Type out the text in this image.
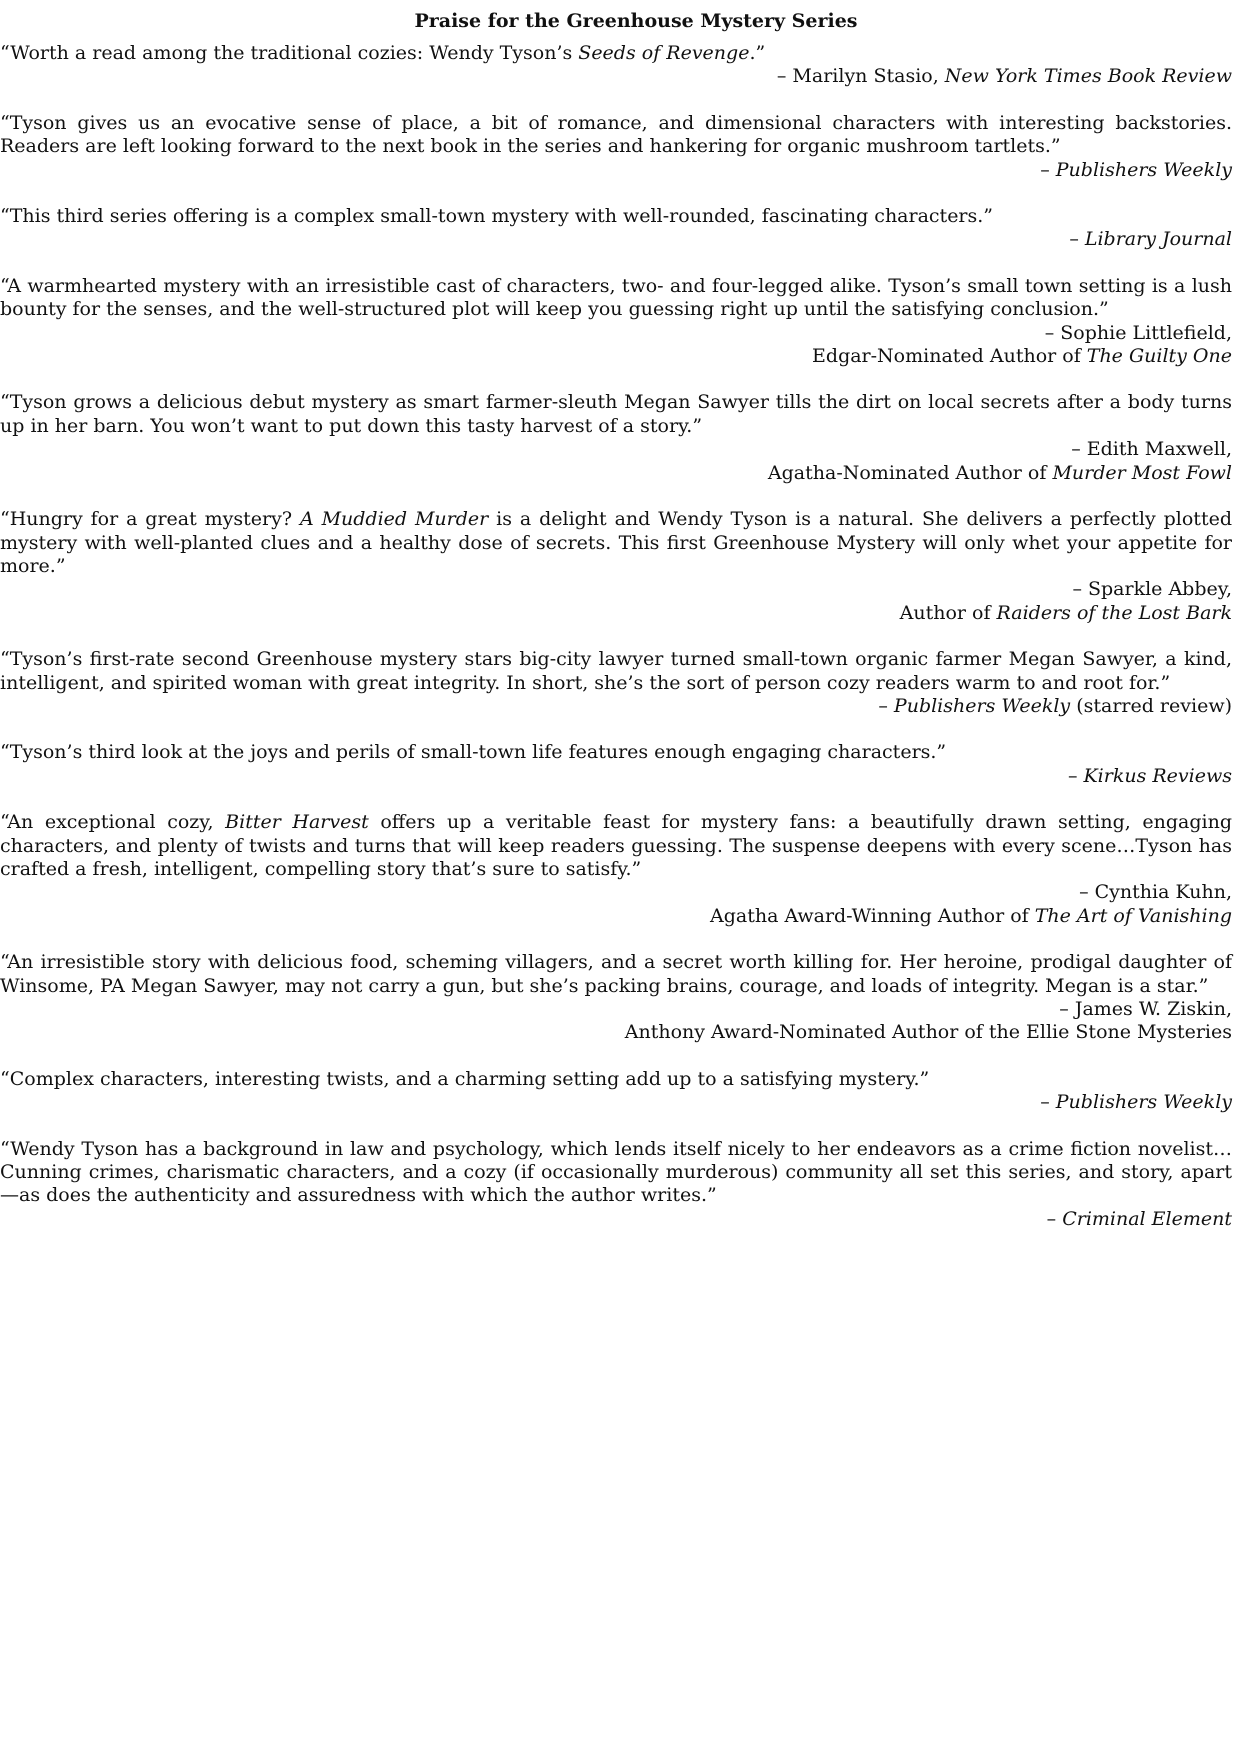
Praise for the Greenhouse Mystery Series

“Worth a read among the traditional cozies: Wendy Tyson’s Seeds of Revenge.”

– Marilyn Stasio, New York Times Book Review

“Tyson gives us an evocative sense of place, a bit of romance, and dimensional characters with interesting backstories. Readers are left looking forward to the next book in the series and hankering for organic mushroom tartlets.”

– Publishers Weekly

“This third series offering is a complex small-town mystery with well-rounded, fascinating characters.”

– Library Journal

“A warmhearted mystery with an irresistible cast of characters, two- and four-legged alike. Tyson’s small town setting is a lush bounty for the senses, and the well-structured plot will keep you guessing right up until the satisfying conclusion.”

– Sophie Littlefield,

Edgar-Nominated Author of The Guilty One

“Tyson grows a delicious debut mystery as smart farmer-sleuth Megan Sawyer tills the dirt on local secrets after a body turns up in her barn. You won’t want to put down this tasty harvest of a story.”

– Edith Maxwell,

Agatha-Nominated Author of Murder Most Fowl

“Hungry for a great mystery? A Muddied Murder is a delight and Wendy Tyson is a natural. She delivers a perfectly plotted mystery with well-planted clues and a healthy dose of secrets. This first Greenhouse Mystery will only whet your appetite for more.”

– Sparkle Abbey,

Author of Raiders of the Lost Bark

“Tyson’s first-rate second Greenhouse mystery stars big-city lawyer turned small-town organic farmer Megan Sawyer, a kind, intelligent, and spirited woman with great integrity. In short, she’s the sort of person cozy readers warm to and root for.”

– Publishers Weekly (starred review)

“Tyson’s third look at the joys and perils of small-town life features enough engaging characters.”

– Kirkus Reviews

“An exceptional cozy, Bitter Harvest offers up a veritable feast for mystery fans: a beautifully drawn setting, engaging characters, and plenty of twists and turns that will keep readers guessing. The suspense deepens with every scene…Tyson has crafted a fresh, intelligent, compelling story that’s sure to satisfy.”

– Cynthia Kuhn,

Agatha Award-Winning Author of The Art of Vanishing

“An irresistible story with delicious food, scheming villagers, and a secret worth killing for. Her heroine, prodigal daughter of Winsome, PA Megan Sawyer, may not carry a gun, but she’s packing brains, courage, and loads of integrity. Megan is a star.”

– James W. Ziskin,

Anthony Award-Nominated Author of the Ellie Stone Mysteries

“Complex characters, interesting twists, and a charming setting add up to a satisfying mystery.”

– Publishers Weekly

“Wendy Tyson has a background in law and psychology, which lends itself nicely to her endeavors as a crime fiction novelist…Cunning crimes, charismatic characters, and a cozy (if occasionally murderous) community all set this series, and story, apart—as does the authenticity and assuredness with which the author writes.”

– Criminal Element
